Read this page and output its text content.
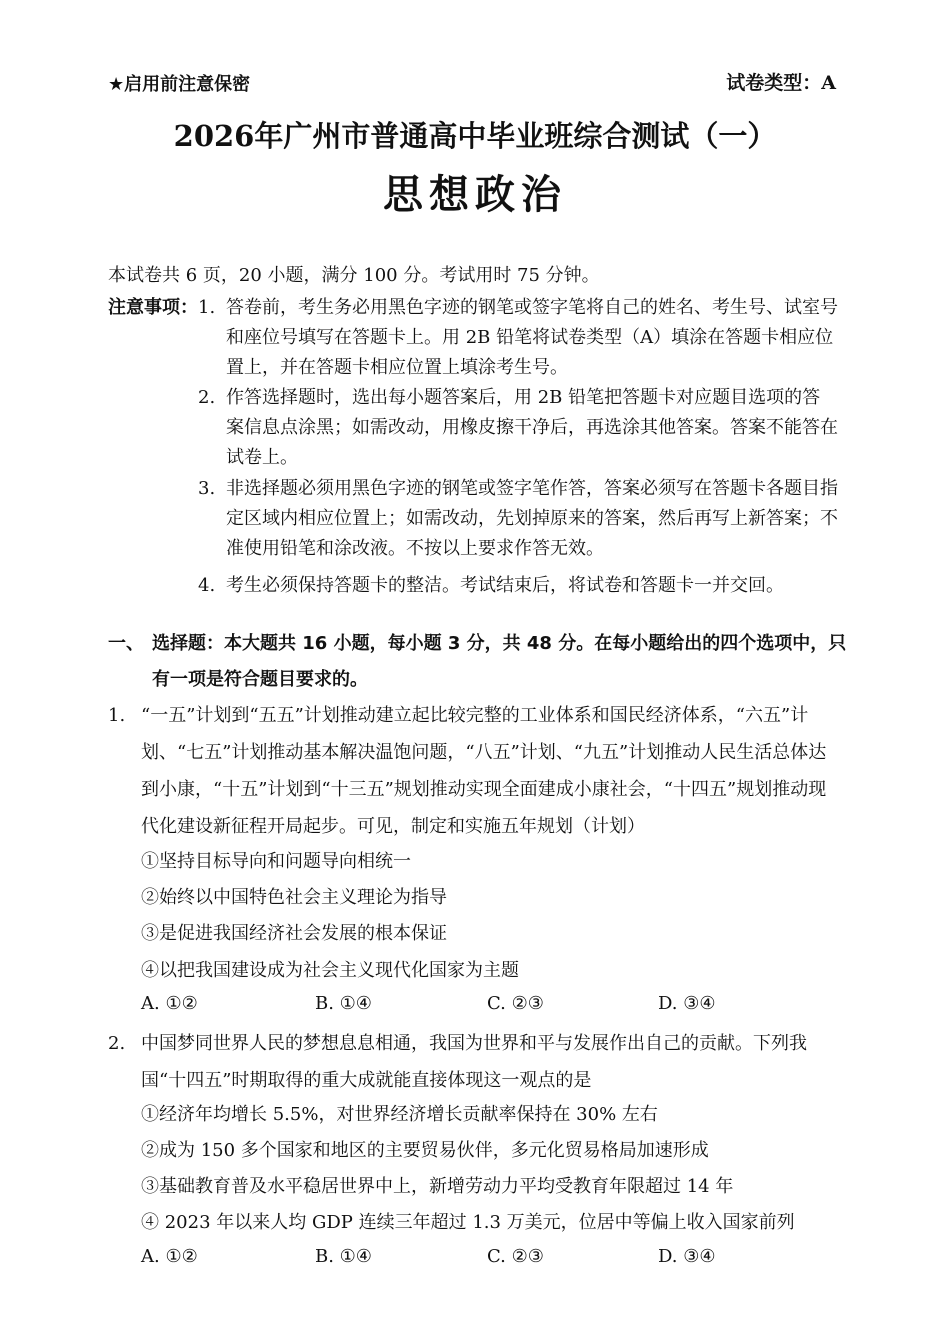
★启用前注意保密	试卷类型：A
2026年广州市普通高中毕业班综合测试（一）
思想政治
本试卷共 6 页，20 小题，满分 100 分。考试用时 75 分钟。
注意事项： 1. 答卷前，考生务必用黑色字迹的钢笔或签字笔将自己的姓名、考生号、试室号和座位号填写在答题卡上。用 2B 铅笔将试卷类型（A）填涂在答题卡相应位置上，并在答题卡相应位置上填涂考生号。
2. 作答选择题时，选出每小题答案后，用 2B 铅笔把答题卡对应题目选项的答案信息点涂黑；如需改动，用橡皮擦干净后，再选涂其他答案。答案不能答在试卷上。
3. 非选择题必须用黑色字迹的钢笔或签字笔作答，答案必须写在答题卡各题目指定区域内相应位置上；如需改动，先划掉原来的答案，然后再写上新答案；不准使用铅笔和涂改液。不按以上要求作答无效。
4. 考生必须保持答题卡的整洁。考试结束后，将试卷和答题卡一并交回。
一、 选择题：本大题共 16 小题，每小题 3 分，共 48 分。在每小题给出的四个选项中，只有一项是符合题目要求的。
1. “一五”计划到“五五”计划推动建立起比较完整的工业体系和国民经济体系，“六五”计划、“七五”计划推动基本解决温饱问题，“八五”计划、“九五”计划推动人民生活总体达到小康，“十五”计划到“十三五”规划推动实现全面建成小康社会，“十四五”规划推动现代化建设新征程开局起步。可见，制定和实施五年规划（计划）
①坚持目标导向和问题导向相统一
②始终以中国特色社会主义理论为指导
③是促进我国经济社会发展的根本保证
④以把我国建设成为社会主义现代化国家为主题
A. ①②	B. ①④	C. ②③	D. ③④
2. 中国梦同世界人民的梦想息息相通，我国为世界和平与发展作出自己的贡献。下列我国“十四五”时期取得的重大成就能直接体现这一观点的是
①经济年均增长 5.5%，对世界经济增长贡献率保持在 30% 左右
②成为 150 多个国家和地区的主要贸易伙伴，多元化贸易格局加速形成
③基础教育普及水平稳居世界中上，新增劳动力平均受教育年限超过 14 年
④ 2023 年以来人均 GDP 连续三年超过 1.3 万美元，位居中等偏上收入国家前列
A. ①②	B. ①④	C. ②③	D. ③④
